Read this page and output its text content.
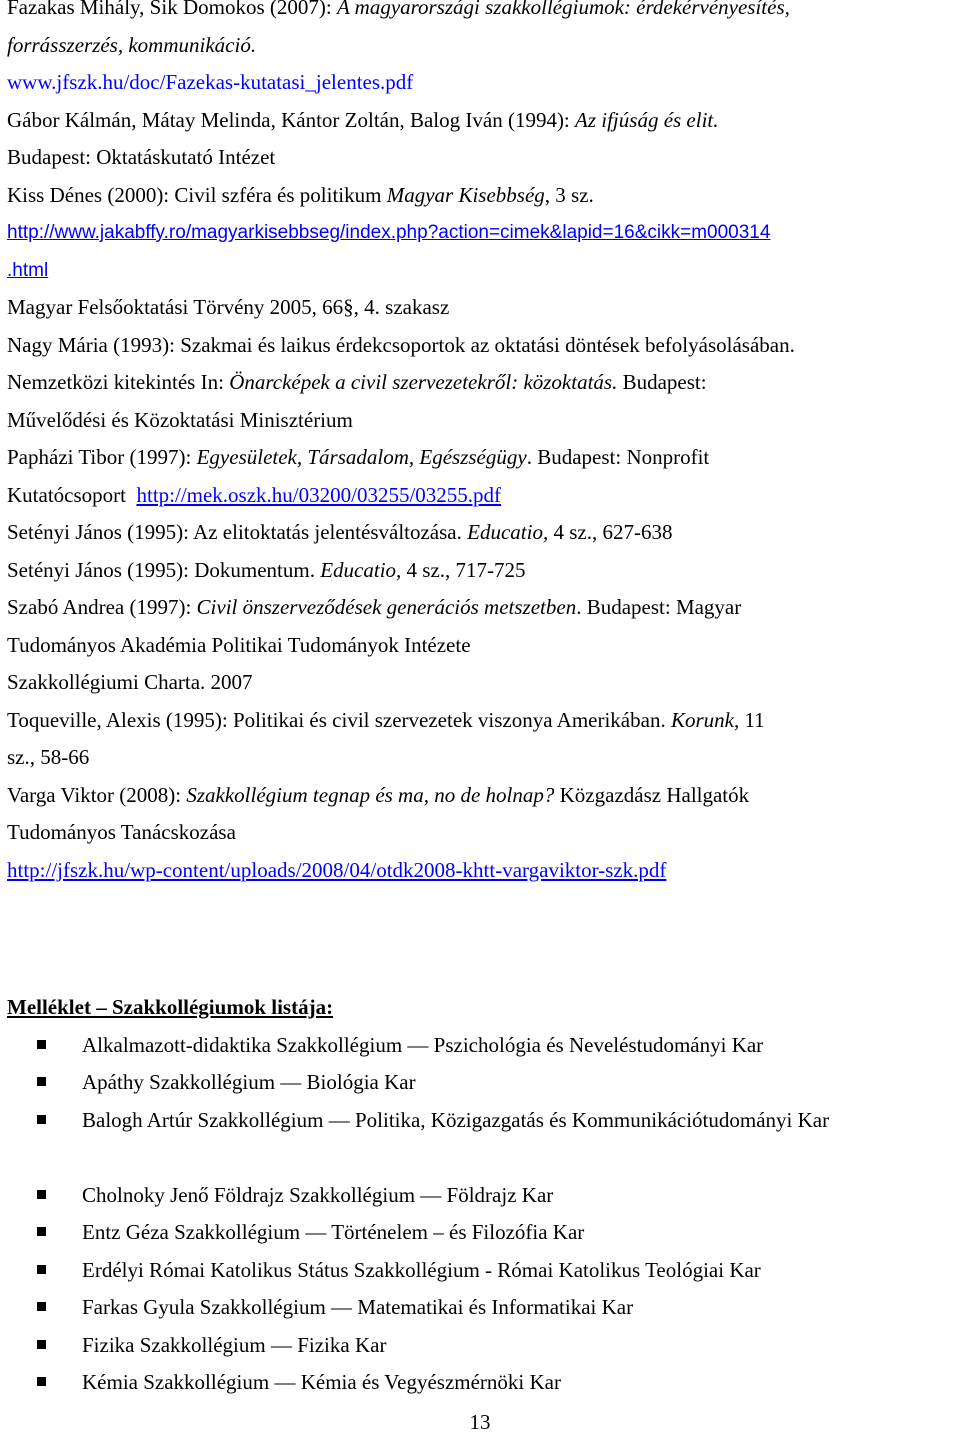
Fazakas Mihály, Sik Domokos (2007): A magyarországi szakkollégiumok: érdekérvényesítés,
forrásszerzés, kommunikáció.
www.jfszk.hu/doc/Fazekas-kutatasi_jelentes.pdf
Gábor Kálmán, Mátay Melinda, Kántor Zoltán, Balog Iván (1994): Az ifjúság és elit.
Budapest: Oktatáskutató Intézet
Kiss Dénes (2000): Civil szféra és politikum Magyar Kisebbség, 3 sz.
http://www.jakabffy.ro/magyarkisebbseg/index.php?action=cimek&lapid=16&cikk=m000314
.html
Magyar Felsőoktatási Törvény 2005, 66§, 4. szakasz
Nagy Mária (1993): Szakmai és laikus érdekcsoportok az oktatási döntések befolyásolásában.
Nemzetközi kitekintés In: Önarcképek a civil szervezetekről: közoktatás. Budapest:
Művelődési és Közoktatási Minisztérium
Papházi Tibor (1997): Egyesületek, Társadalom, Egészségügy. Budapest: Nonprofit
Kutatócsoport  http://mek.oszk.hu/03200/03255/03255.pdf
Setényi János (1995): Az elitoktatás jelentésváltozása. Educatio, 4 sz., 627-638
Setényi János (1995): Dokumentum. Educatio, 4 sz., 717-725
Szabó Andrea (1997): Civil önszerveződések generációs metszetben. Budapest: Magyar
Tudományos Akadémia Politikai Tudományok Intézete
Szakkollégiumi Charta. 2007
Toqueville, Alexis (1995): Politikai és civil szervezetek viszonya Amerikában. Korunk, 11
sz., 58-66
Varga Viktor (2008): Szakkollégium tegnap és ma, no de holnap? Közgazdász Hallgatók
Tudományos Tanácskozása
http://jfszk.hu/wp-content/uploads/2008/04/otdk2008-khtt-vargaviktor-szk.pdf
Melléklet – Szakkollégiumok listája:
Alkalmazott-didaktika Szakkollégium — Pszichológia és Neveléstudományi Kar
Apáthy Szakkollégium — Biológia Kar
Balogh Artúr Szakkollégium — Politika, Közigazgatás és Kommunikációtudományi Kar
Cholnoky Jenő Földrajz Szakkollégium — Földrajz Kar
Entz Géza Szakkollégium — Történelem – és Filozófia Kar
Erdélyi Római Katolikus Státus Szakkollégium - Római Katolikus Teológiai Kar
Farkas Gyula Szakkollégium — Matematikai és Informatikai Kar
Fizika Szakkollégium — Fizika Kar
Kémia Szakkollégium — Kémia és Vegyészmérnöki Kar
13
